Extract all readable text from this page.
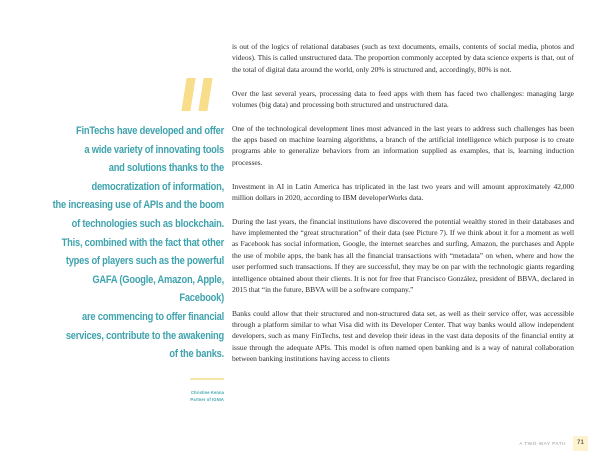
FinTechs have developed and offer
a wide variety of innovating tools
and solutions thanks to the
democratization of information,
the increasing use of APIs and the boom
of technologies such as blockchain.
This, combined with the fact that other
types of players such as the powerful
GAFA (Google, Amazon, Apple, Facebook)
are commencing to offer financial
services, contribute to the awakening
of the banks.
Christine Kenna
Partner of IGNIA

is out of the logics of relational databases (such as text documents, emails, contents of social media, photos and videos). This is called unstructured data. The proportion commonly accepted by data science experts is that, out of the total of digital data around the world, only 20% is structured and, accordingly, 80% is not.

Over the last several years, processing data to feed apps with them has faced two challenges: managing large volumes (big data) and processing both structured and unstructured data.

One of the technological development lines most advanced in the last years to address such challenges has been the apps based on machine learning algorithms, a branch of the artificial intelligence which purpose is to create programs able to generalize behaviors from an information supplied as examples, that is, learning induction processes.

Investment in AI in Latin America has triplicated in the last two years and will amount approximately 42,000 million dollars in 2020, according to IBM developerWorks data.

During the last years, the financial institutions have discovered the potential wealthy stored in their databases and have implemented the “great structuration” of their data (see Picture 7). If we think about it for a moment as well as Facebook has social information, Google, the internet searches and surfing, Amazon, the purchases and Apple the use of mobile apps, the bank has all the financial transactions with “metadata” on when, where and how the user performed such transactions. If they are successful, they may be on par with the technologic giants regarding intelligence obtained about their clients. It is not for free that Francisco González, president of BBVA, declared in 2015 that “in the future, BBVA will be a software company.”

Banks could allow that their structured and non-structured data set, as well as their service offer, was accessible through a platform similar to what Visa did with its Developer Center. That way banks would allow independent developers, such as many FinTechs, test and develop their ideas in the vast data deposits of the financial entity at issue through the adequate APIs. This model is often named open banking and is a way of natural collaboration between banking institutions having access to clients

A TWO-WAY PATH	71
